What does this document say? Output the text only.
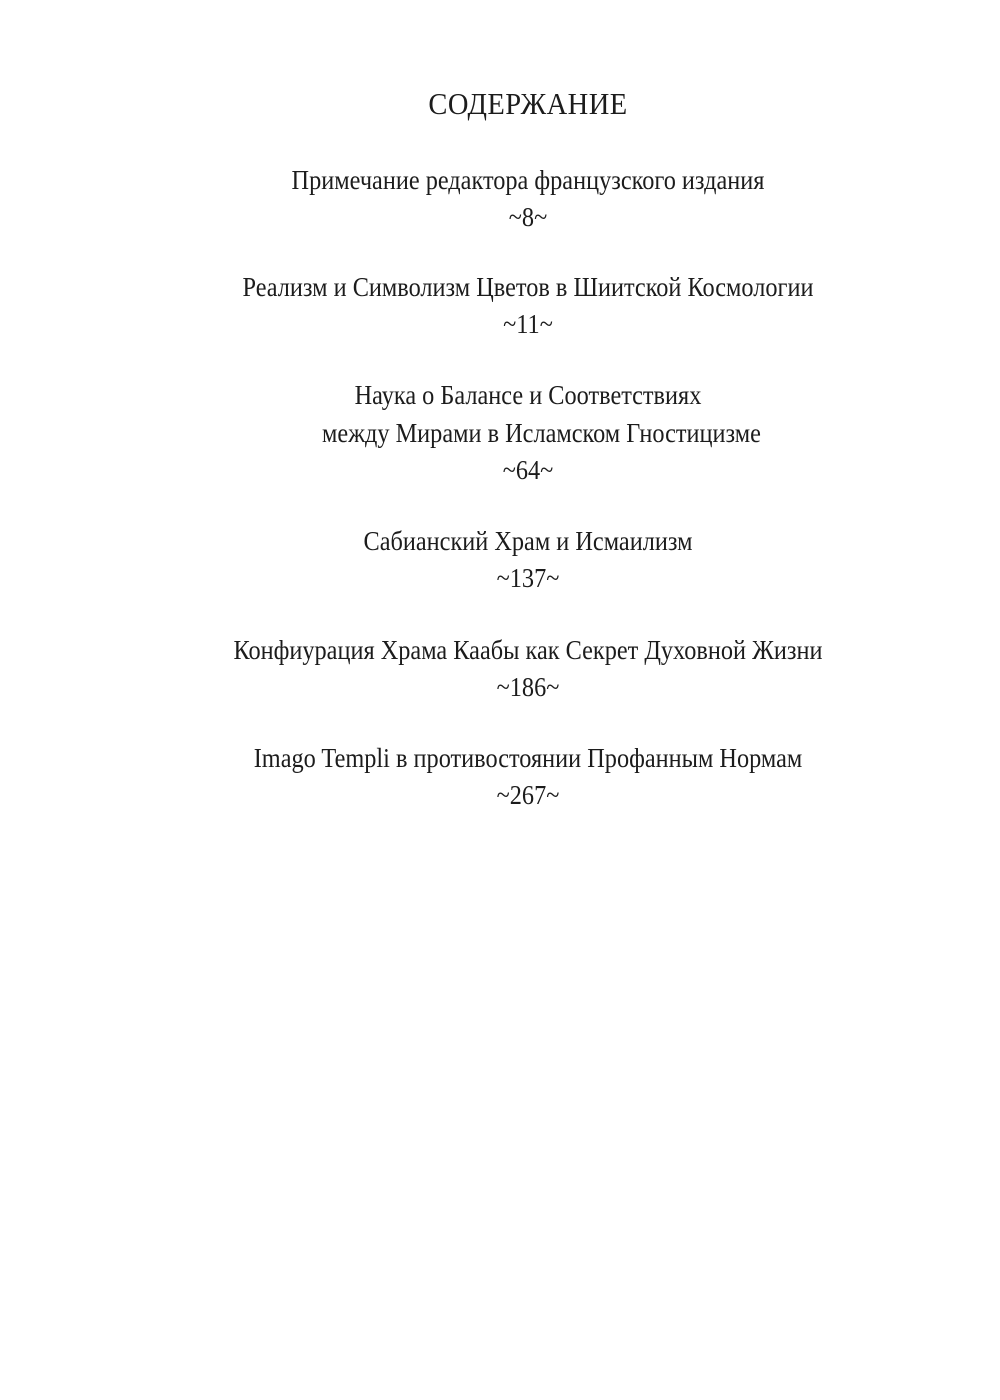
СОДЕРЖАНИЕ
Примечание редактора французского издания
~8~
Реализм и Символизм Цветов в Шиитской Космологии
~11~
Наука о Балансе и Соответствиях
между Мирами в Исламском Гностицизме
~64~
Сабианский Храм и Исмаилизм
~137~
Конфиурация Храма Каабы как Секрет Духовной Жизни
~186~
Imago Templi в противостоянии Профанным Нормам
~267~
